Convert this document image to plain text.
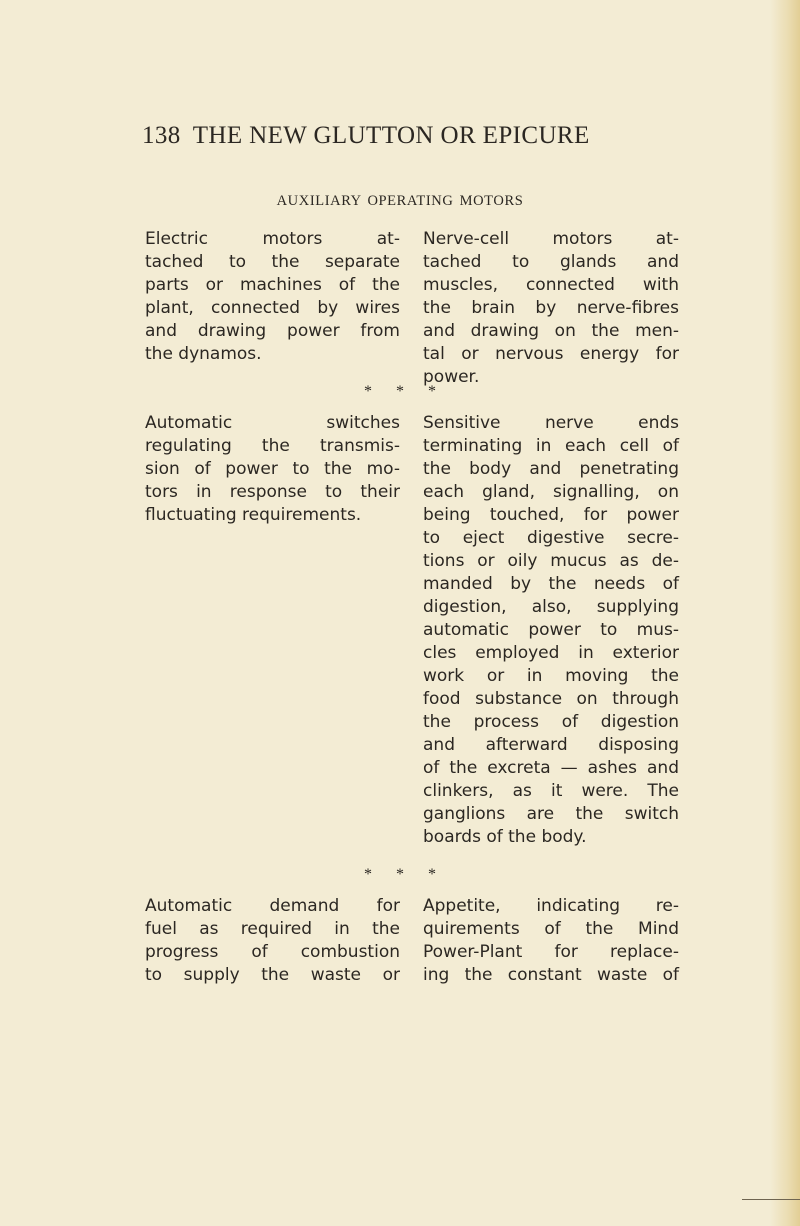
138 THE NEW GLUTTON OR EPICURE
AUXILIARY OPERATING MOTORS
Electric motors at-
tached to the separate
parts or machines of the
plant, connected by wires
and drawing power from
the dynamos.
Nerve-cell motors at-
tached to glands and
muscles, connected with
the brain by nerve-fibres
and drawing on the men-
tal or nervous energy for
power.
* * *
Automatic switches
regulating the transmis-
sion of power to the mo-
tors in response to their
fluctuating requirements.
Sensitive nerve ends
terminating in each cell of
the body and penetrating
each gland, signalling, on
being touched, for power
to eject digestive secre-
tions or oily mucus as de-
manded by the needs of
digestion, also, supplying
automatic power to mus-
cles employed in exterior
work or in moving the
food substance on through
the process of digestion
and afterward disposing
of the excreta — ashes and
clinkers, as it were. The
ganglions are the switch
boards of the body.
* * *
Automatic demand for
fuel as required in the
progress of combustion
to supply the waste or
Appetite, indicating re-
quirements of the Mind
Power-Plant for replace-
ing the constant waste of
